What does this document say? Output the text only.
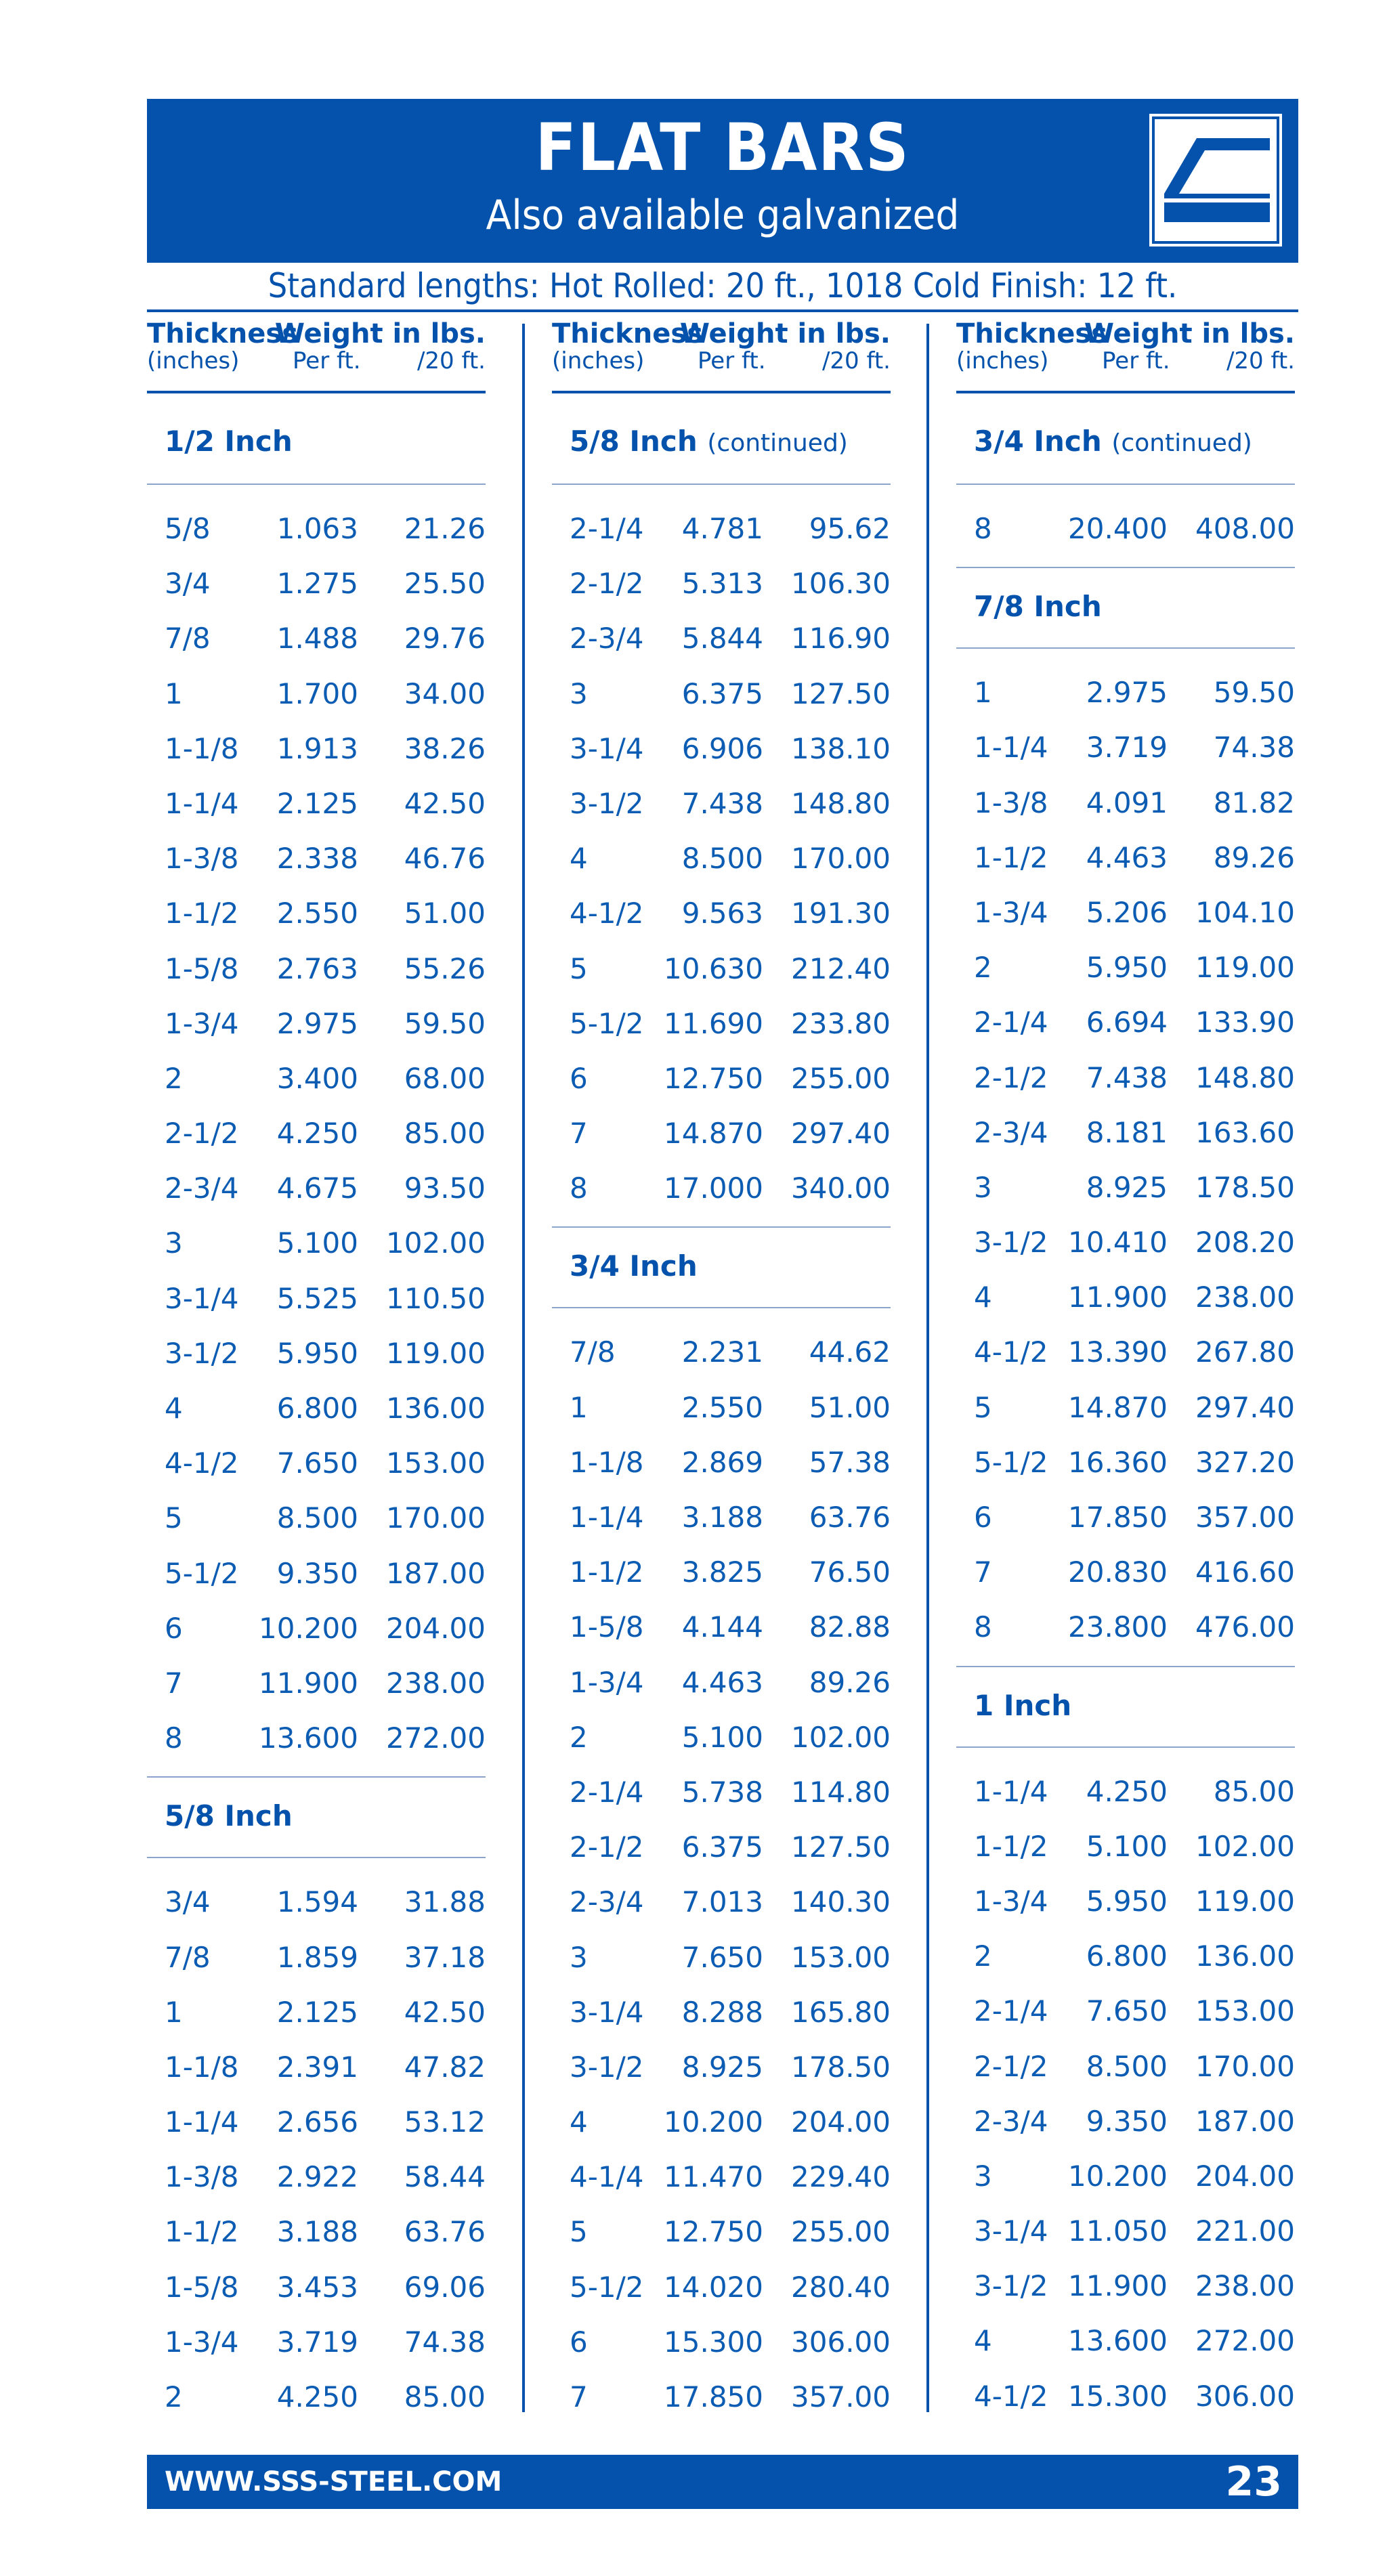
FLAT BARS
Also available galvanized
Standard lengths: Hot Rolled: 20 ft., 1018 Cold Finish: 12 ft.
Thickness
Weight in lbs.
(inches) Per ft. /20 ft.
1/2 Inch
5/8 1.063 21.26
3/4 1.275 25.50
7/8 1.488 29.76
1	1.700 34.00
1-1/8 1.913 38.26
1-1/4 2.125 42.50
1-3/8 2.338 46.76
1-1/2 2.550 51.00
1-5/8 2.763 55.26
1-3/4 2.975 59.50
2	3.400 68.00
2-1/2 4.250 85.00
2-3/4 4.675 93.50
3	5.100 102.00
3-1/4 5.525 110.50
3-1/2 5.950 119.00
4	6.800 136.00
4-1/2 7.650 153.00
5	8.500 170.00
5-1/2 9.350 187.00
6	10.200 204.00
7	11.900 238.00
8	13.600 272.00
5/8 Inch
3/4 1.594 31.88
7/8 1.859 37.18
1	2.125 42.50
1-1/8 2.391 47.82
1-1/4 2.656 53.12
1-3/8 2.922 58.44
1-1/2 3.188 63.76
1-5/8 3.453 69.06
1-3/4 3.719 74.38
2	4.250 85.00
Thickness
Weight in lbs.
(inches) Per ft. /20 ft.
5/8 Inch (continued)
2-1/4 4.781 95.62
2-1/2 5.313 106.30
2-3/4 5.844 116.90
3	6.375 127.50
3-1/4 6.906 138.10
3-1/2 7.438 148.80
4	8.500 170.00
4-1/2 9.563 191.30
5	10.630 212.40
5-1/2 11.690 233.80
6	12.750 255.00
7	14.870 297.40
8	17.000 340.00
3/4 Inch
7/8 2.231 44.62
1	2.550 51.00
1-1/8 2.869 57.38
1-1/4 3.188 63.76
1-1/2 3.825 76.50
1-5/8 4.144 82.88
1-3/4 4.463 89.26
2	5.100 102.00
2-1/4 5.738 114.80
2-1/2 6.375 127.50
2-3/4 7.013 140.30
3	7.650 153.00
3-1/4 8.288 165.80
3-1/2 8.925 178.50
4	10.200 204.00
4-1/4 11.470 229.40
5	12.750 255.00
5-1/2 14.020 280.40
6	15.300 306.00
7	17.850 357.00
Thickness
Weight in lbs.
(inches) Per ft. /20 ft.
3/4 Inch (continued)
8	20.400 408.00
7/8 Inch
1	2.975 59.50
1-1/4 3.719 74.38
1-3/8 4.091 81.82
1-1/2 4.463 89.26
1-3/4 5.206 104.10
2	5.950 119.00
2-1/4 6.694 133.90
2-1/2 7.438 148.80
2-3/4 8.181 163.60
3	8.925 178.50
3-1/2 10.410 208.20
4	11.900 238.00
4-1/2 13.390 267.80
5	14.870 297.40
5-1/2 16.360 327.20
6	17.850 357.00
7	20.830 416.60
8	23.800 476.00
1 Inch
1-1/4 4.250 85.00
1-1/2 5.100 102.00
1-3/4 5.950 119.00
2	6.800 136.00
2-1/4 7.650 153.00
2-1/2 8.500 170.00
2-3/4 9.350 187.00
3	10.200 204.00
3-1/4 11.050 221.00
3-1/2 11.900 238.00
4	13.600 272.00
4-1/2 15.300 306.00
WWW.SSS-STEEL.COM	23
